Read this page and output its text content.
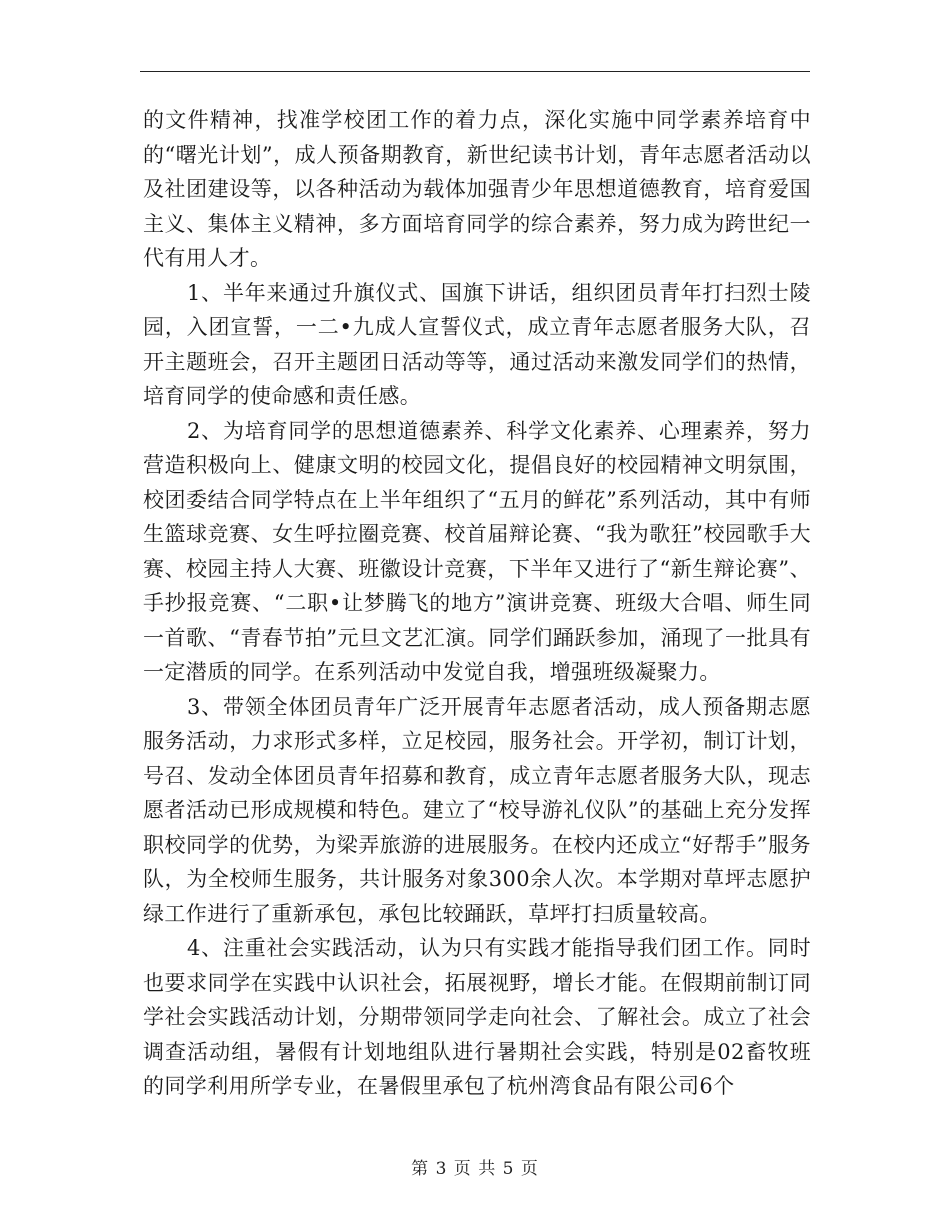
的文件精神，找准学校团工作的着力点，深化实施中同学素养培育中的“曙光计划”，成人预备期教育，新世纪读书计划，青年志愿者活动以及社团建设等，以各种活动为载体加强青少年思想道德教育，培育爱国主义、集体主义精神，多方面培育同学的综合素养，努力成为跨世纪一代有用人才。

1、半年来通过升旗仪式、国旗下讲话，组织团员青年打扫烈士陵园，入团宣誓，一二•九成人宣誓仪式，成立青年志愿者服务大队，召开主题班会，召开主题团日活动等等，通过活动来激发同学们的热情，培育同学的使命感和责任感。

2、为培育同学的思想道德素养、科学文化素养、心理素养，努力营造积极向上、健康文明的校园文化，提倡良好的校园精神文明氛围，校团委结合同学特点在上半年组织了“五月的鲜花”系列活动，其中有师生篮球竞赛、女生呼拉圈竞赛、校首届辩论赛、“我为歌狂”校园歌手大赛、校园主持人大赛、班徽设计竞赛，下半年又进行了“新生辩论赛”、手抄报竞赛、“二职•让梦腾飞的地方”演讲竞赛、班级大合唱、师生同一首歌、“青春节拍”元旦文艺汇演。同学们踊跃参加，涌现了一批具有一定潜质的同学。在系列活动中发觉自我，增强班级凝聚力。

3、带领全体团员青年广泛开展青年志愿者活动，成人预备期志愿服务活动，力求形式多样，立足校园，服务社会。开学初，制订计划，号召、发动全体团员青年招募和教育，成立青年志愿者服务大队，现志愿者活动已形成规模和特色。建立了“校导游礼仪队”的基础上充分发挥职校同学的优势，为梁弄旅游的进展服务。在校内还成立“好帮手”服务队，为全校师生服务，共计服务对象300余人次。本学期对草坪志愿护绿工作进行了重新承包，承包比较踊跃，草坪打扫质量较高。

4、注重社会实践活动，认为只有实践才能指导我们团工作。同时也要求同学在实践中认识社会，拓展视野，增长才能。在假期前制订同学社会实践活动计划，分期带领同学走向社会、了解社会。成立了社会调查活动组，暑假有计划地组队进行暑期社会实践，特别是02畜牧班的同学利用所学专业，在暑假里承包了杭州湾食品有限公司6个

第 3 页 共 5 页
